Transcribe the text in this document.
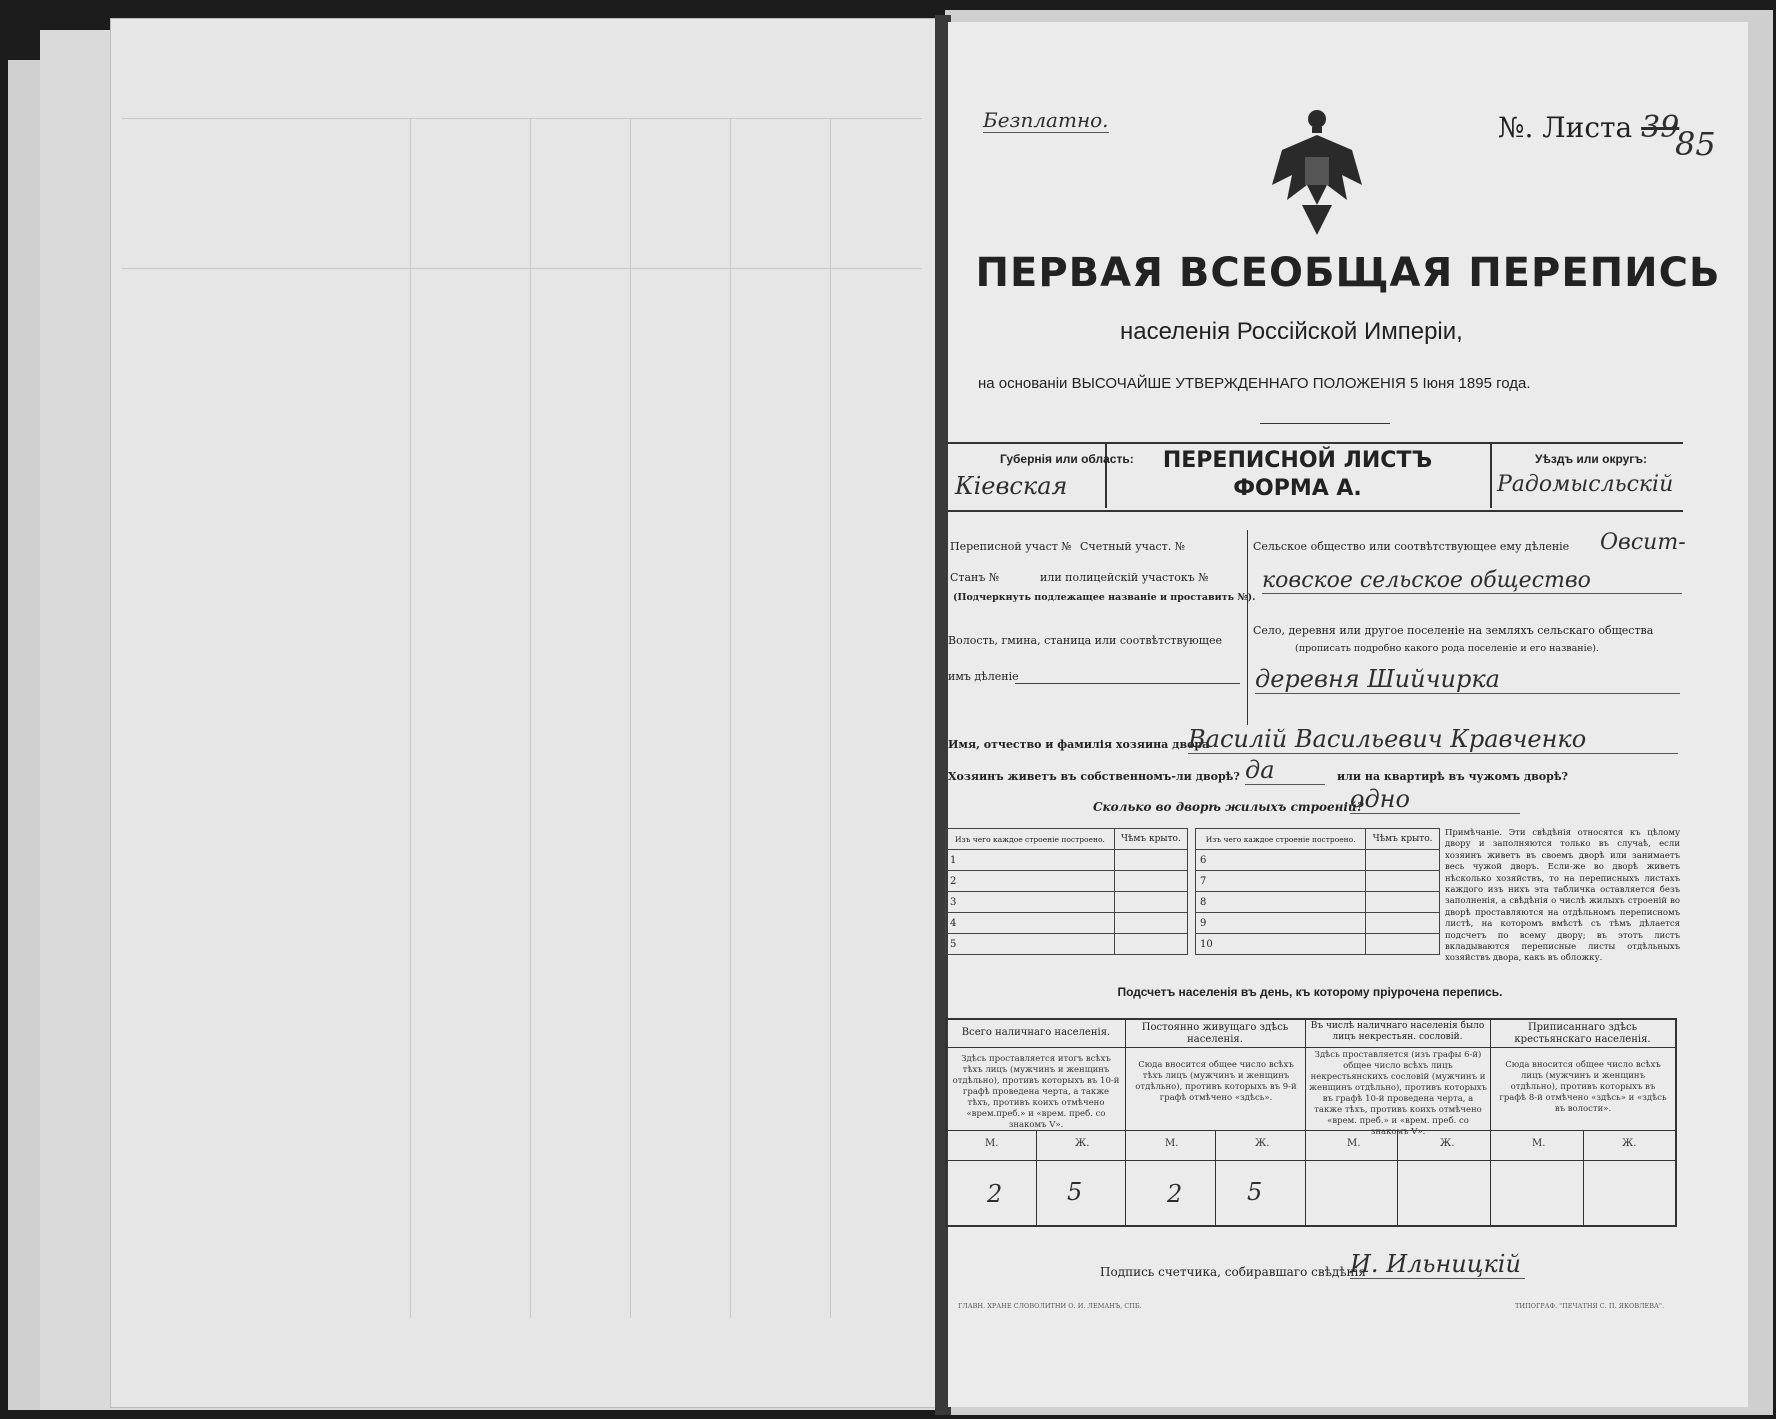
Безплатно.	№. Листа 39
85
ПЕРВАЯ ВСЕОБЩАЯ ПЕРЕПИСЬ
населенія Россійской Имперіи,
на основаніи ВЫСОЧАЙШЕ УТВЕРЖДЕННАГО ПОЛОЖЕНІЯ 5 Іюня 1895 года.
Губернія или область:
Кіевская
ПЕРЕПИСНОЙ ЛИСТЪ
ФОРМА А.
Уѣздъ или округъ:
Радомысльскій
Переписной участ № Счетный участ. №
Станъ №	или полицейскій участокъ №
(Подчеркнуть подлежащее названіе и проставить №).
Волость, гмина, станица или соотвѣтствующее
имъ дѣленіе
Сельское общество или соотвѣтствующее ему дѣленіе Овсит-
ковское сельское общество
Село, деревня или другое поселеніе на земляхъ сельскаго общества
(прописать подробно какого рода поселеніе и его названіе).
деревня Шийчирка
Имя, отчество и фамилія хозяина двора
Василій Васильевич Кравченко
Хозяинъ живетъ въ собственномъ-ли дворѣ? да	или на квартирѣ въ чужомъ дворѣ?
Сколько во дворѣ жилыхъ строеній?
одно
Изъ чего каждое строеніе построено.	Чѣмъ крыто.
1	
2	
3	
4	
5	
Изъ чего каждое строеніе построено.	Чѣмъ крыто.
6	
7	
8	
9	
10	
Примѣчаніе. Эти свѣдѣнія относятся къ цѣлому двору и заполняются только въ случаѣ, если хозяинъ живетъ въ своемъ дворѣ или занимаетъ весь чужой дворъ. Если-же во дворѣ живетъ нѣсколько хозяйствъ, то на переписныхъ листахъ каждого изъ нихъ эта табличка оставляется безъ заполненія, а свѣдѣнія о числѣ жилыхъ строеній во дворѣ проставляются на отдѣльномъ переписномъ листѣ, на которомъ вмѣстѣ съ тѣмъ дѣлается подсчетъ по всему двору; въ этотъ листъ вкладываются переписные листы отдѣльныхъ хозяйствъ двора, какъ въ обложку.
Подсчетъ населенія въ день, къ которому пріурочена перепись.
Всего наличнаго населенія.
Здѣсь проставляется итогъ всѣхъ тѣхъ лицъ (мужчинъ и женщинъ отдѣльно), противъ которыхъ въ 10-й графѣ проведена черта, а также тѣхъ, противъ коихъ отмѣчено «врем.преб.» и «врем. преб. со знакомъ V».
М.	Ж.
2	5
Постоянно живущаго здѣсь населенія.
Сюда вносится общее число всѣхъ тѣхъ лицъ (мужчинъ и женщинъ отдѣльно), противъ которыхъ въ 9-й графѣ отмѣчено «здѣсь».
М.	Ж.
2	5
Въ числѣ наличнаго населенія было лицъ некрестьян. сословій.
Здѣсь проставляется (изъ графы 6-й) общее число всѣхъ лицъ некрестьянскихъ сословій (мужчинъ и женщинъ отдѣльно), противъ которыхъ въ графѣ 10-й проведена черта, а также тѣхъ, противъ коихъ отмѣчено «врем. преб.» и «врем. преб. со знакомъ V».
М.	Ж.
Приписаннаго здѣсь крестьянскаго населенія.
Сюда вносится общее число всѣхъ лицъ (мужчинъ и женщинъ отдѣльно), противъ которыхъ въ графѣ 8-й отмѣчено «здѣсь» и «здѣсь въ волости».
М.	Ж.
Подпись счетчика, собиравшаго свѣдѣнія
И. Ильницкій
ГЛАВН. ХРАНЕ СЛОВОЛИТНИ О. И. ЛЕМАНЪ, СПБ.	ТИПОГРАФ. "ПЕЧАТНЯ С. П. ЯКОВЛЕВА".
